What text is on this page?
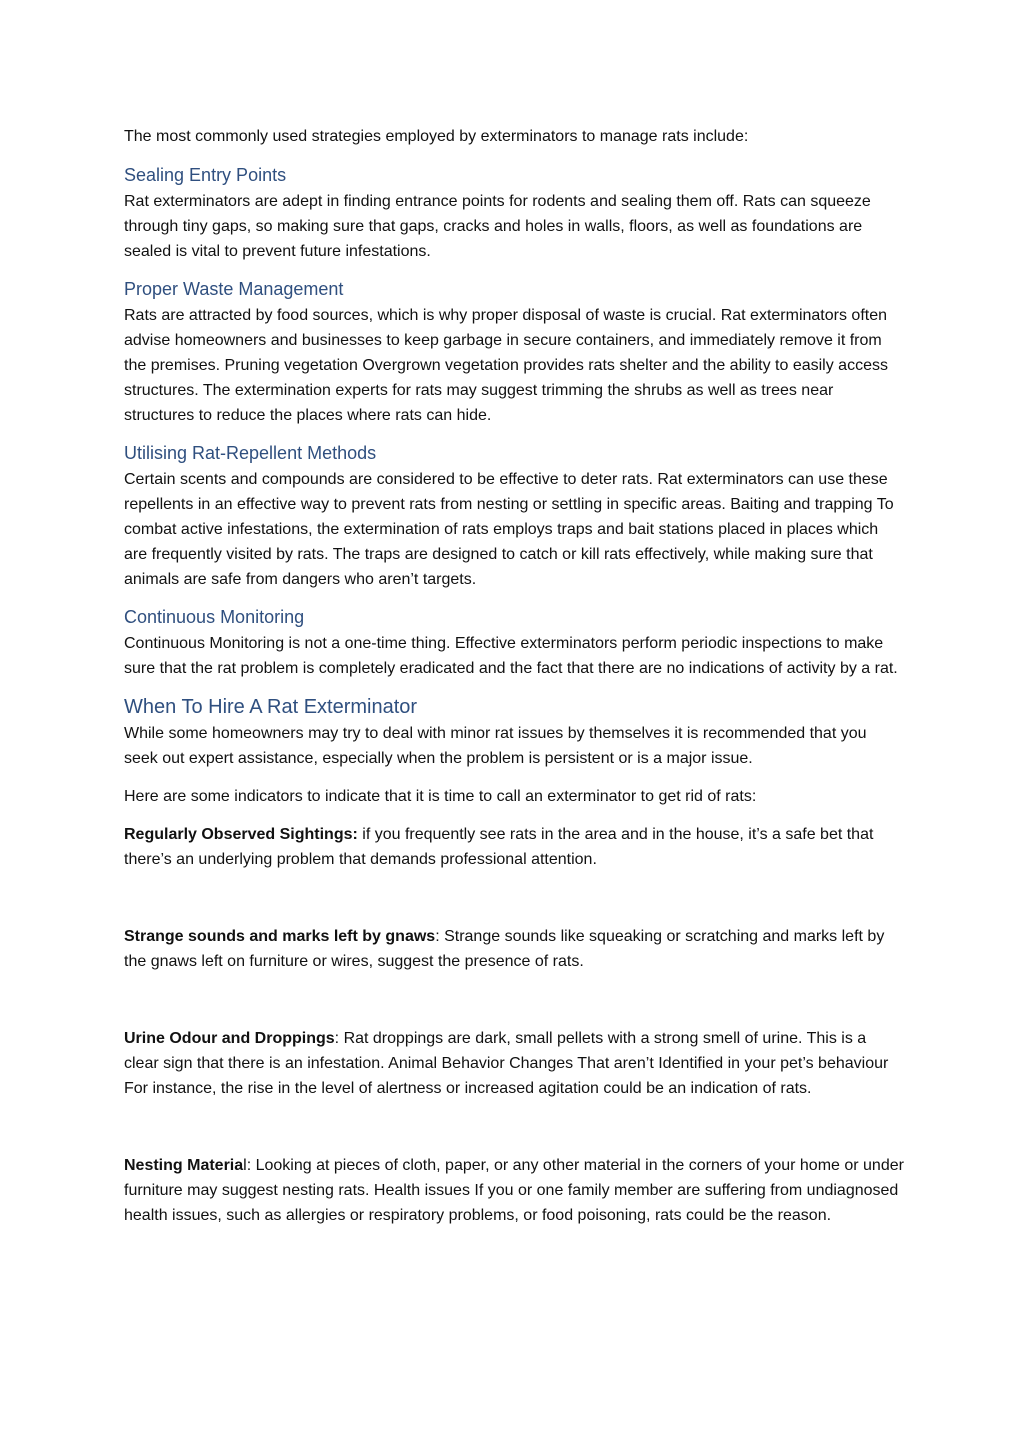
The most commonly used strategies employed by exterminators to manage rats include:

Sealing Entry Points

Rat exterminators are adept in finding entrance points for rodents and sealing them off. Rats can squeeze through tiny gaps, so making sure that gaps, cracks and holes in walls, floors, as well as foundations are sealed is vital to prevent future infestations.

Proper Waste Management

Rats are attracted by food sources, which is why proper disposal of waste is crucial. Rat exterminators often advise homeowners and businesses to keep garbage in secure containers, and immediately remove it from the premises. Pruning vegetation Overgrown vegetation provides rats shelter and the ability to easily access structures. The extermination experts for rats may suggest trimming the shrubs as well as trees near structures to reduce the places where rats can hide.

Utilising Rat-Repellent Methods

Certain scents and compounds are considered to be effective to deter rats. Rat exterminators can use these repellents in an effective way to prevent rats from nesting or settling in specific areas. Baiting and trapping To combat active infestations, the extermination of rats employs traps and bait stations placed in places which are frequently visited by rats. The traps are designed to catch or kill rats effectively, while making sure that animals are safe from dangers who aren’t targets.

Continuous Monitoring

Continuous Monitoring is not a one-time thing. Effective exterminators perform periodic inspections to make sure that the rat problem is completely eradicated and the fact that there are no indications of activity by a rat.

When To Hire A Rat Exterminator

While some homeowners may try to deal with minor rat issues by themselves it is recommended that you seek out expert assistance, especially when the problem is persistent or is a major issue.

Here are some indicators to indicate that it is time to call an exterminator to get rid of rats:

Regularly Observed Sightings: if you frequently see rats in the area and in the house, it’s a safe bet that there’s an underlying problem that demands professional attention.

Strange sounds and marks left by gnaws: Strange sounds like squeaking or scratching and marks left by the gnaws left on furniture or wires, suggest the presence of rats.

Urine Odour and Droppings: Rat droppings are dark, small pellets with a strong smell of urine. This is a clear sign that there is an infestation. Animal Behavior Changes That aren’t Identified in your pet’s behaviour For instance, the rise in the level of alertness or increased agitation could be an indication of rats.

Nesting Material: Looking at pieces of cloth, paper, or any other material in the corners of your home or under furniture may suggest nesting rats. Health issues If you or one family member are suffering from undiagnosed health issues, such as allergies or respiratory problems, or food poisoning, rats could be the reason.
